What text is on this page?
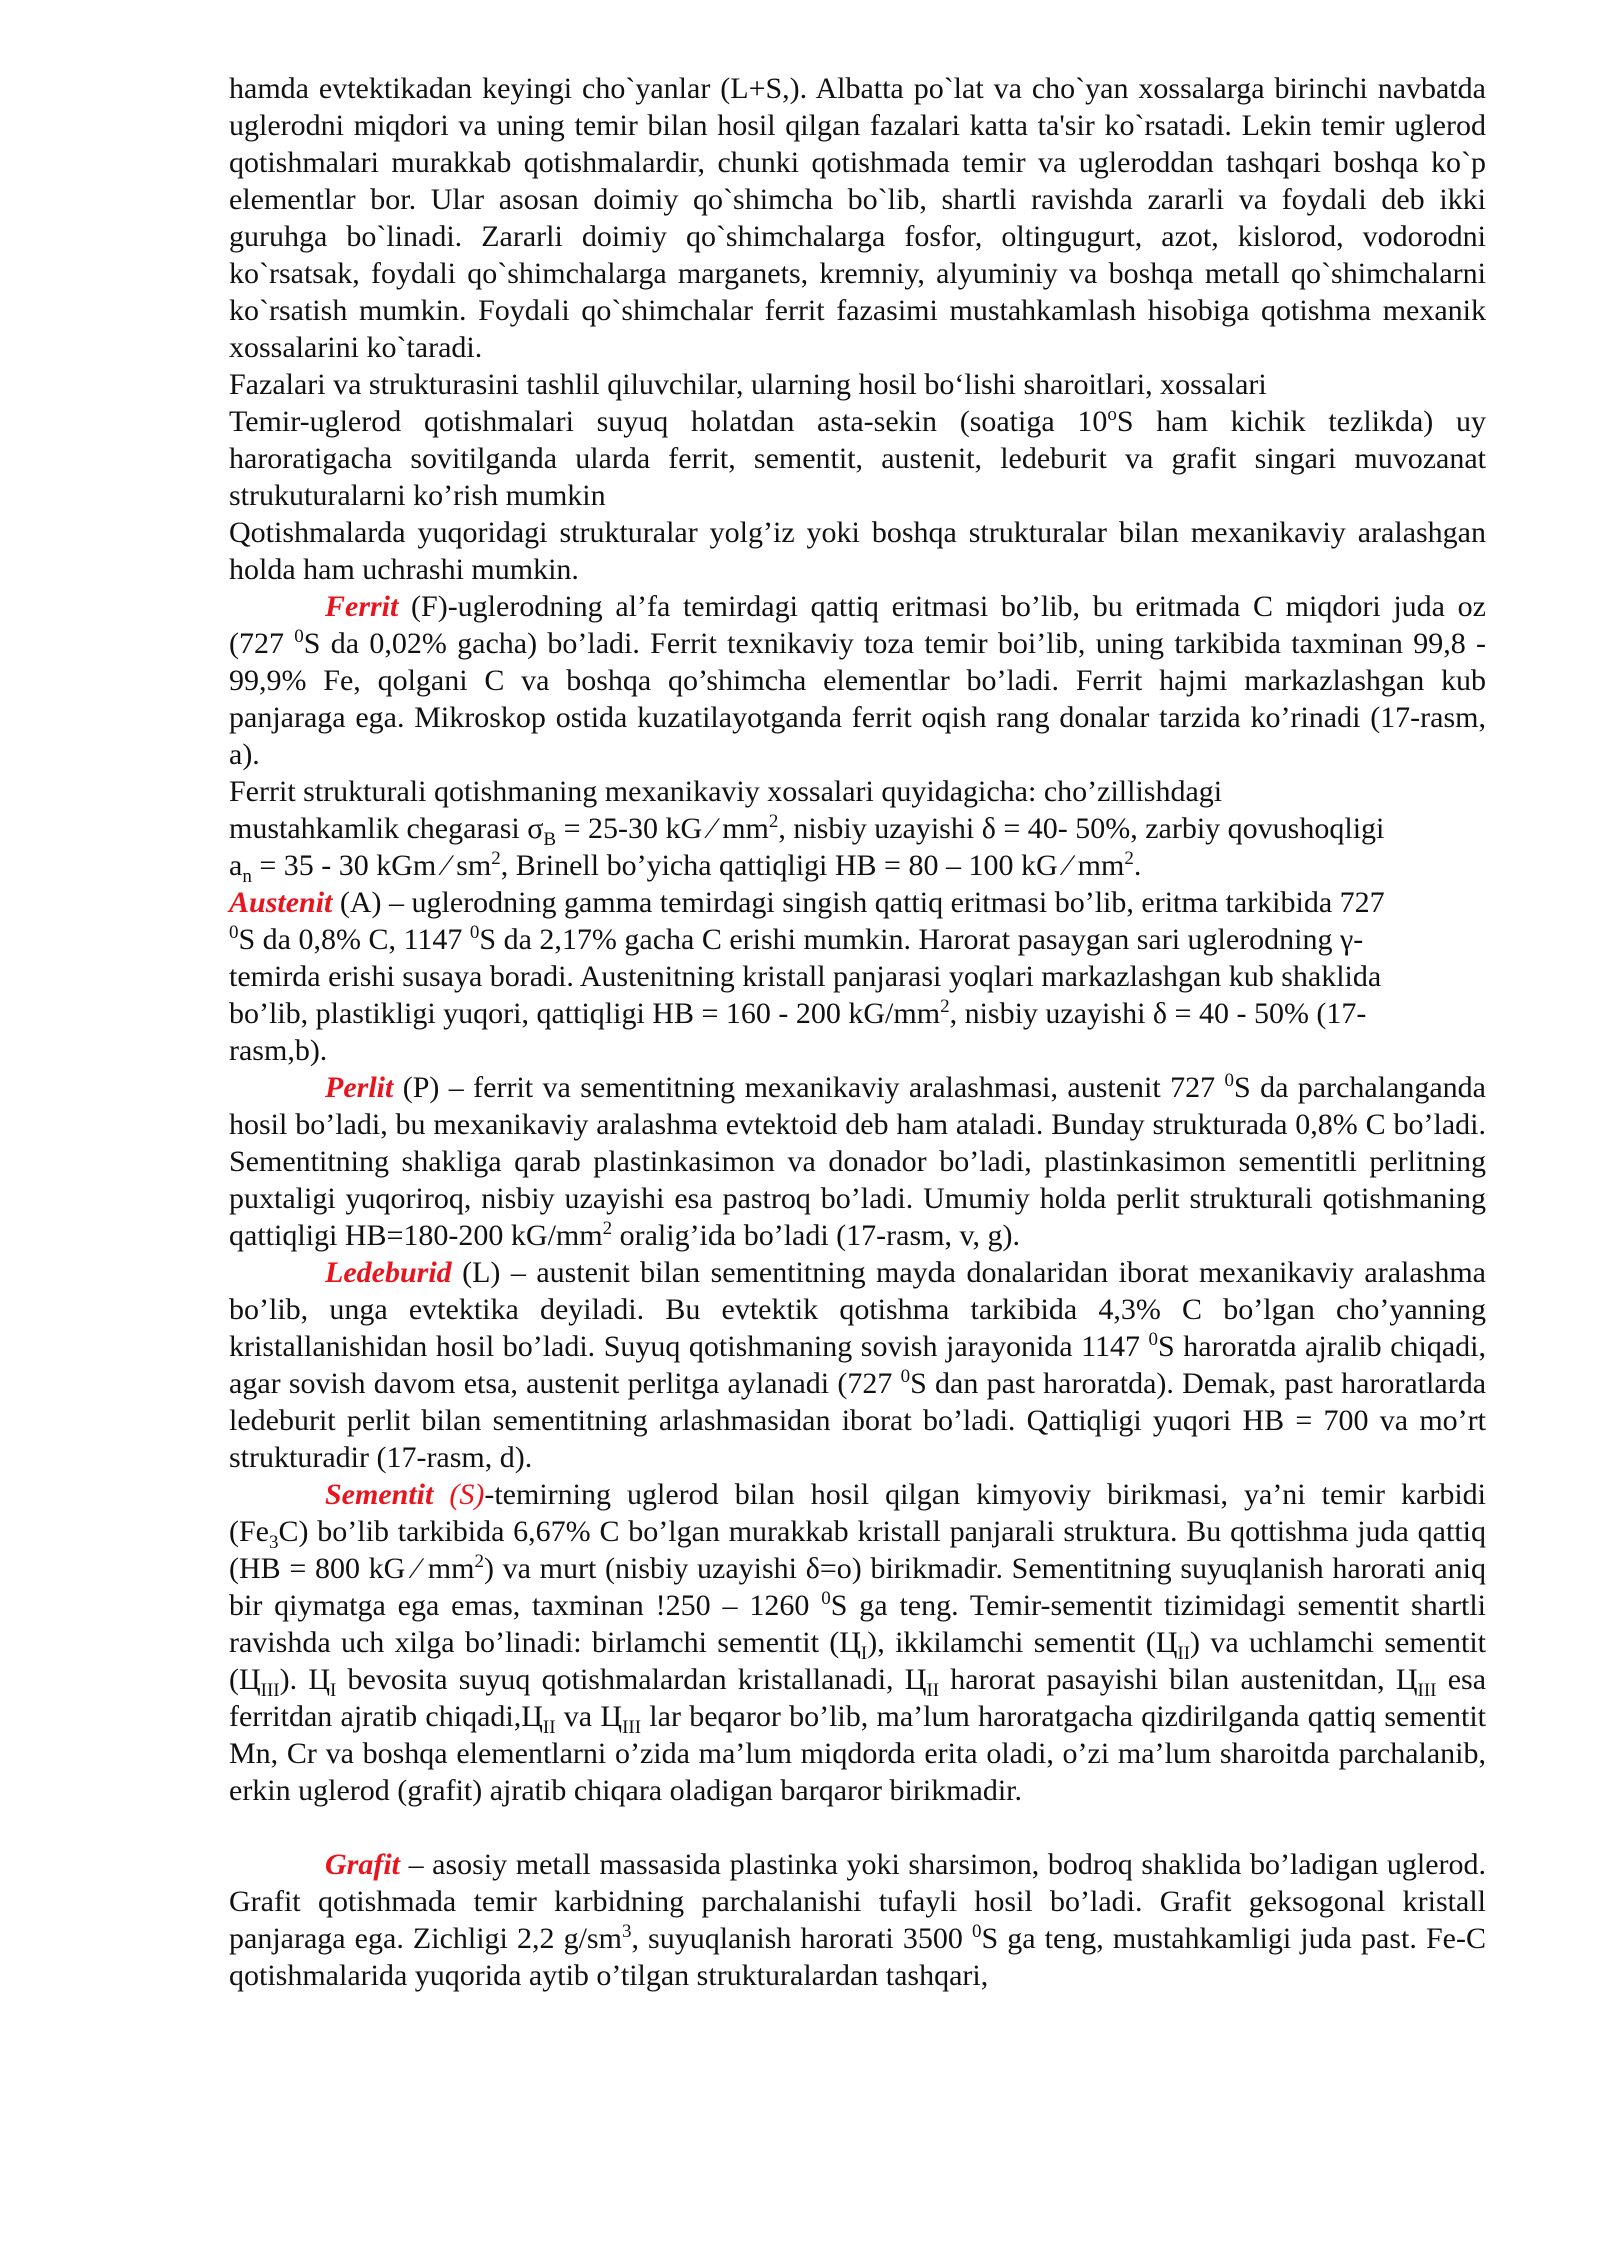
hamda evtektikadan keyingi cho`yanlar (L+S,). Albatta po`lat va cho`yan xossalarga birinchi navbatda uglerodni miqdori va uning temir bilan hosil qilgan fazalari katta ta'sir ko`rsatadi. Lekin temir uglerod qotishmalari murakkab qotishmalardir, chunki qotishmada temir va ugleroddan tashqari boshqa ko`p elementlar bor. Ular asosan doimiy qo`shimcha bo`lib, shartli ravishda zararli va foydali deb ikki guruhga bo`linadi. Zararli doimiy qo`shimchalarga fosfor, oltingugurt, azot, kislorod, vodorodni ko`rsatsak, foydali qo`shimchalarga marganets, kremniy, alyuminiy va boshqa metall qo`shimchalarni ko`rsatish mumkin. Foydali qo`shimchalar ferrit fazasimi mustahkamlash hisobiga qotishma mexanik xossalarini ko`taradi.

Fazalari va strukturasini tashlil qiluvchilar, ularning hosil bo‘lishi sharoitlari, xossalari

Temir-uglerod qotishmalari suyuq holatdan asta-sekin (soatiga 10$^o$S ham kichik tezlikda) uy haroratigacha sovitilganda ularda ferrit, sementit, austenit, ledeburit va grafit singari muvozanat strukuturalarni ko’rish mumkin

Qotishmalarda yuqoridagi strukturalar yolg’iz yoki boshqa strukturalar bilan mexanikaviy aralashgan holda ham uchrashi mumkin.

Ferrit (F)-uglerodning al’fa temirdagi qattiq eritmasi bo’lib, bu eritmada C miqdori juda oz (727 $^0$S da 0,02% gacha) bo’ladi. Ferrit texnikaviy toza temir boi’lib, uning tarkibida taxminan 99,8 - 99,9% Fe, qolgani C va boshqa qo’shimcha elementlar bo’ladi. Ferrit hajmi markazlashgan kub panjaraga ega. Mikroskop ostida kuzatilayotganda ferrit oqish rang donalar tarzida ko’rinadi (17-rasm, a).

Ferrit strukturali qotishmaning mexanikaviy xossalari quyidagicha: cho’zillishdagi

mustahkamlik chegarasi $\sigma_B = 25-30$ kG ∕ $mm^2$, nisbiy uzayishi δ = 40- 50%, zarbiy qovushoqligi

$a_n = 35 - 30$ kGm ∕ $sm^2$, Brinell bo’yicha qattiqligi HB = 80 – 100 kG ∕ $mm^2$.

Austenit (A) – uglerodning gamma temirdagi singish qattiq eritmasi bo’lib, eritma tarkibida 727

$^0$S da 0,8% C, 1147 $^0$S da 2,17% gacha C erishi mumkin. Harorat pasaygan sari uglerodning γ-

temirda erishi susaya boradi. Austenitning kristall panjarasi yoqlari markazlashgan kub shaklida

bo’lib, plastikligi yuqori, qattiqligi HB = 160 - 200 $kG/mm^2$, nisbiy uzayishi δ = 40 - 50% (17-

rasm,b).

Perlit (P) – ferrit va sementitning mexanikaviy aralashmasi, austenit 727 $^0$S da parchalanganda hosil bo’ladi, bu mexanikaviy aralashma evtektoid deb ham ataladi. Bunday strukturada 0,8% C bo’ladi. Sementitning shakliga qarab plastinkasimon va donador bo’ladi, plastinkasimon sementitli perlitning puxtaligi yuqoriroq, nisbiy uzayishi esa pastroq bo’ladi. Umumiy holda perlit strukturali qotishmaning qattiqligi HB=180-200 $kG/mm^2$ oralig’ida bo’ladi (17-rasm, v, g).

Ledeburid (L) – austenit bilan sementitning mayda donalaridan iborat mexanikaviy aralashma bo’lib, unga evtektika deyiladi. Bu evtektik qotishma tarkibida 4,3% C bo’lgan cho’yanning kristallanishidan hosil bo’ladi. Suyuq qotishmaning sovish jarayonida 1147 $^0$S haroratda ajralib chiqadi, agar sovish davom etsa, austenit perlitga aylanadi (727 $^0$S dan past haroratda). Demak, past haroratlarda ledeburit perlit bilan sementitning arlashmasidan iborat bo’ladi. Qattiqligi yuqori HB = 700 va mo’rt strukturadir (17-rasm, d).

Sementit (S)-temirning uglerod bilan hosil qilgan kimyoviy birikmasi, ya’ni temir karbidi $(Fe_3C)$ bo’lib tarkibida 6,67% C bo’lgan murakkab kristall panjarali struktura. Bu qottishma juda qattiq (HB = 800 kG ∕ $mm^2$) va murt (nisbiy uzayishi δ=o) birikmadir. Sementitning suyuqlanish harorati aniq bir qiymatga ega emas, taxminan !250 – 1260 $^0$S ga teng. Temir-sementit tizimidagi sementit shartli ravishda uch xilga bo’linadi: birlamchi sementit $(Ц_I)$, ikkilamchi sementit $(Ц_{II})$ va uchlamchi sementit $(Ц_{III})$. $Ц_I$ bevosita suyuq qotishmalardan kristallanadi, $Ц_{II}$ harorat pasayishi bilan austenitdan, $Ц_{III}$ esa ferritdan ajratib $chiqadi,Ц_{II}$ va $Ц_{III}$ lar beqaror bo’lib, ma’lum haroratgacha qizdirilganda qattiq sementit Mn, Cr va boshqa elementlarni o’zida ma’lum miqdorda erita oladi, o’zi ma’lum sharoitda parchalanib, erkin uglerod (grafit) ajratib chiqara oladigan barqaror birikmadir.

Grafit – asosiy metall massasida plastinka yoki sharsimon, bodroq shaklida bo’ladigan uglerod. Grafit qotishmada temir karbidning parchalanishi tufayli hosil bo’ladi. Grafit geksogonal kristall panjaraga ega. Zichligi 2,2 $g/sm^3$, suyuqlanish harorati 3500 $^0$S ga teng, mustahkamligi juda past. Fe-C qotishmalarida yuqorida aytib o’tilgan strukturalardan tashqari,
